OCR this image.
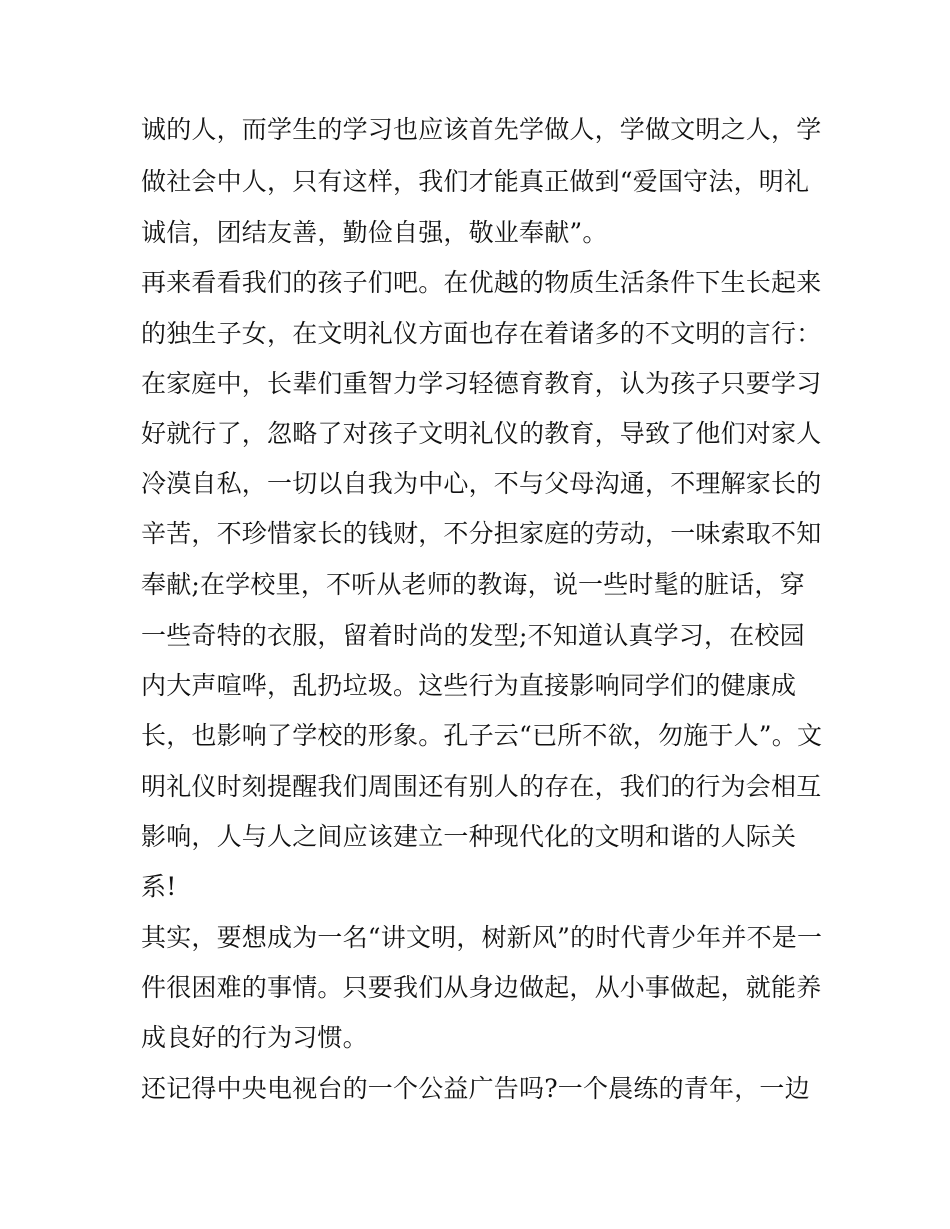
诚的人，而学生的学习也应该首先学做人，学做文明之人，学
做社会中人，只有这样，我们才能真正做到“爱国守法，明礼
诚信，团结友善，勤俭自强，敬业奉献”。
再来看看我们的孩子们吧。在优越的物质生活条件下生长起来
的独生子女，在文明礼仪方面也存在着诸多的不文明的言行：
在家庭中，长辈们重智力学习轻德育教育，认为孩子只要学习
好就行了，忽略了对孩子文明礼仪的教育，导致了他们对家人
冷漠自私，一切以自我为中心，不与父母沟通，不理解家长的
辛苦，不珍惜家长的钱财，不分担家庭的劳动，一味索取不知
奉献;在学校里，不听从老师的教诲，说一些时髦的脏话，穿
一些奇特的衣服，留着时尚的发型;不知道认真学习，在校园
内大声喧哗，乱扔垃圾。这些行为直接影响同学们的健康成
长，也影响了学校的形象。孔子云“已所不欲，勿施于人”。文
明礼仪时刻提醒我们周围还有别人的存在，我们的行为会相互
影响，人与人之间应该建立一种现代化的文明和谐的人际关
系!
其实，要想成为一名“讲文明，树新风”的时代青少年并不是一
件很困难的事情。只要我们从身边做起，从小事做起，就能养
成良好的行为习惯。
还记得中央电视台的一个公益广告吗?一个晨练的青年，一边
